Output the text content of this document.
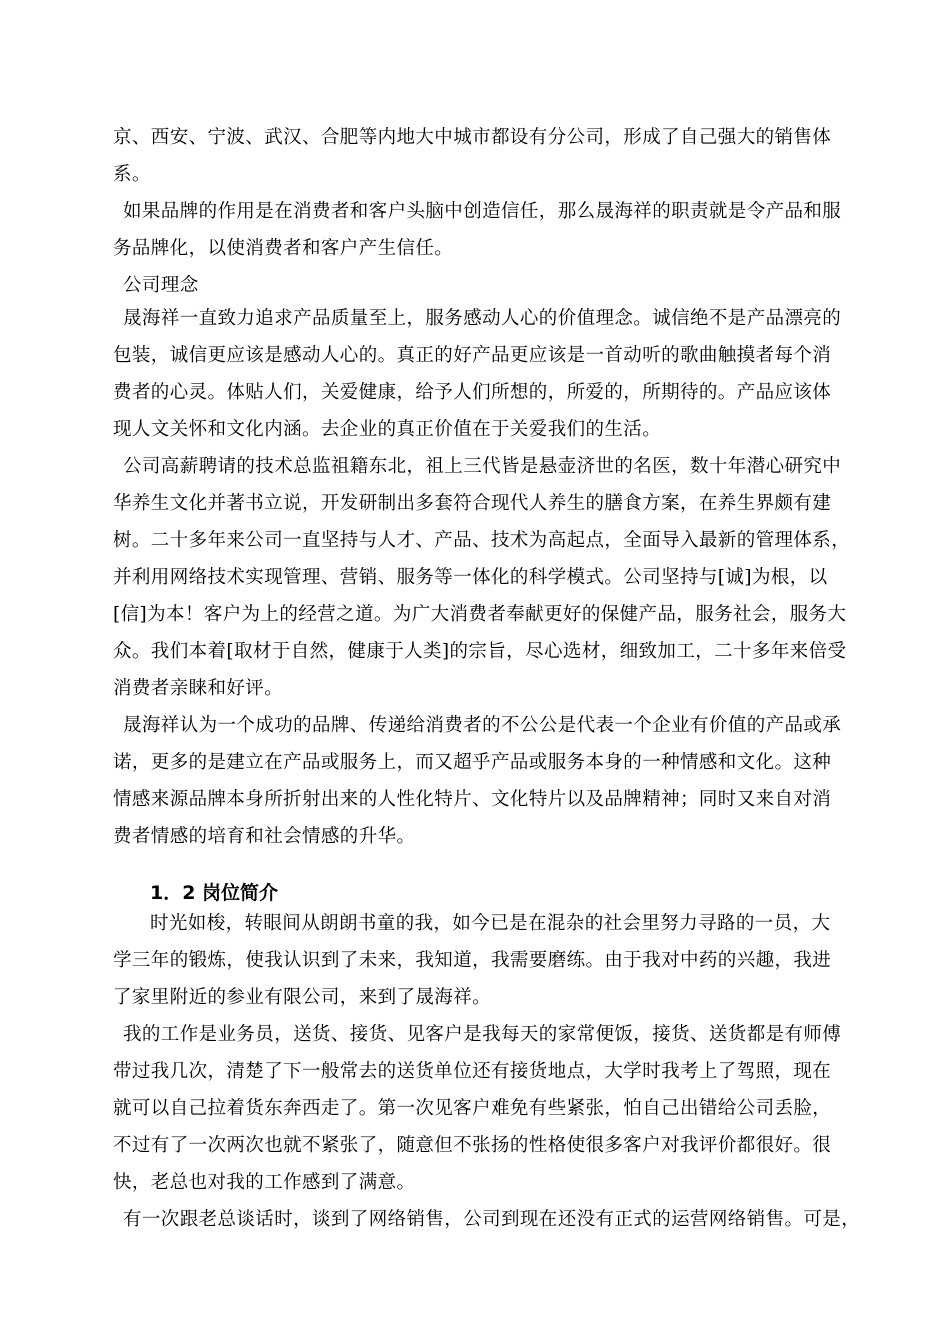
京、西安、宁波、武汉、合肥等内地大中城市都设有分公司，形成了自己强大的销售体
系。
如果品牌的作用是在消费者和客户头脑中创造信任，那么晟海祥的职责就是令产品和服
务品牌化，以使消费者和客户产生信任。
公司理念
晟海祥一直致力追求产品质量至上，服务感动人心的价值理念。诚信绝不是产品漂亮的
包装，诚信更应该是感动人心的。真正的好产品更应该是一首动听的歌曲触摸者每个消
费者的心灵。体贴人们，关爱健康，给予人们所想的，所爱的，所期待的。产品应该体
现人文关怀和文化内涵。去企业的真正价值在于关爱我们的生活。
公司高薪聘请的技术总监祖籍东北，祖上三代皆是悬壶济世的名医，数十年潜心研究中
华养生文化并著书立说，开发研制出多套符合现代人养生的膳食方案，在养生界颇有建
树。二十多年来公司一直坚持与人才、产品、技术为高起点，全面导入最新的管理体系，
并利用网络技术实现管理、营销、服务等一体化的科学模式。公司坚持与[诚]为根，以
[信]为本！客户为上的经营之道。为广大消费者奉献更好的保健产品，服务社会，服务大
众。我们本着[取材于自然，健康于人类]的宗旨，尽心选材，细致加工，二十多年来倍受
消费者亲睐和好评。
晟海祥认为一个成功的品牌、传递给消费者的不公公是代表一个企业有价值的产品或承
诺，更多的是建立在产品或服务上，而又超乎产品或服务本身的一种情感和文化。这种
情感来源品牌本身所折射出来的人性化特片、文化特片以及品牌精神；同时又来自对消
费者情感的培育和社会情感的升华。
1．2 岗位简介
时光如梭，转眼间从朗朗书童的我，如今已是在混杂的社会里努力寻路的一员，大
学三年的锻炼，使我认识到了未来，我知道，我需要磨练。由于我对中药的兴趣，我进
了家里附近的参业有限公司，来到了晟海祥。
我的工作是业务员，送货、接货、见客户是我每天的家常便饭，接货、送货都是有师傅
带过我几次，清楚了下一般常去的送货单位还有接货地点，大学时我考上了驾照，现在
就可以自己拉着货东奔西走了。第一次见客户难免有些紧张，怕自己出错给公司丢脸，
不过有了一次两次也就不紧张了，随意但不张扬的性格使很多客户对我评价都很好。很
快，老总也对我的工作感到了满意。
有一次跟老总谈话时，谈到了网络销售，公司到现在还没有正式的运营网络销售。可是，
